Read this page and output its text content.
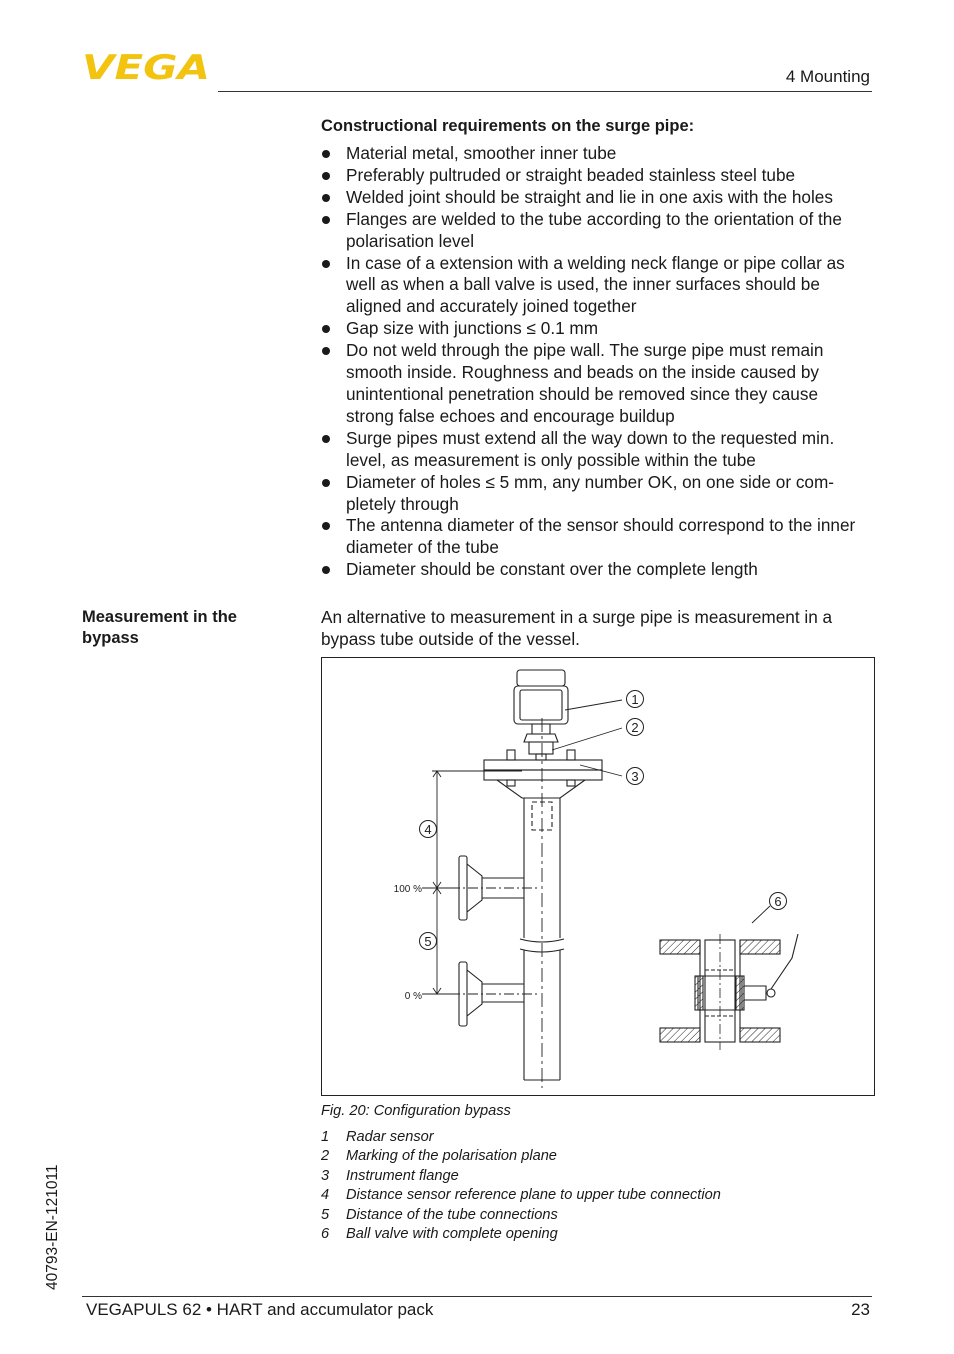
VEGA	4 Mounting
Constructional requirements on the surge pipe:
Material metal, smoother inner tube
Preferably pultruded or straight beaded stainless steel tube
Welded joint should be straight and lie in one axis with the holes
Flanges are welded to the tube according to the orientation of the polarisation level
In case of a extension with a welding neck flange or pipe collar as well as when a ball valve is used, the inner surfaces should be aligned and accurately joined together
Gap size with junctions ≤ 0.1 mm
Do not weld through the pipe wall. The surge pipe must remain smooth inside. Roughness and beads on the inside caused by unintentional penetration should be removed since they cause strong false echoes and encourage buildup
Surge pipes must extend all the way down to the requested min. level, as measurement is only possible within the tube
Diameter of holes ≤ 5 mm, any number OK, on one side or com-pletely through
The antenna diameter of the sensor should correspond to the inner diameter of the tube
Diameter should be constant over the complete length
Measurement in the bypass
An alternative to measurement in a surge pipe is measurement in a bypass tube outside of the vessel.
1
2
3
4
5
6
100 %
0 %
Fig. 20: Configuration bypass
1 Radar sensor
2 Marking of the polarisation plane
3 Instrument flange
4 Distance sensor reference plane to upper tube connection
5 Distance of the tube connections
6 Ball valve with complete opening
40793-EN-121011
VEGAPULS 62 • HART and accumulator pack	23
